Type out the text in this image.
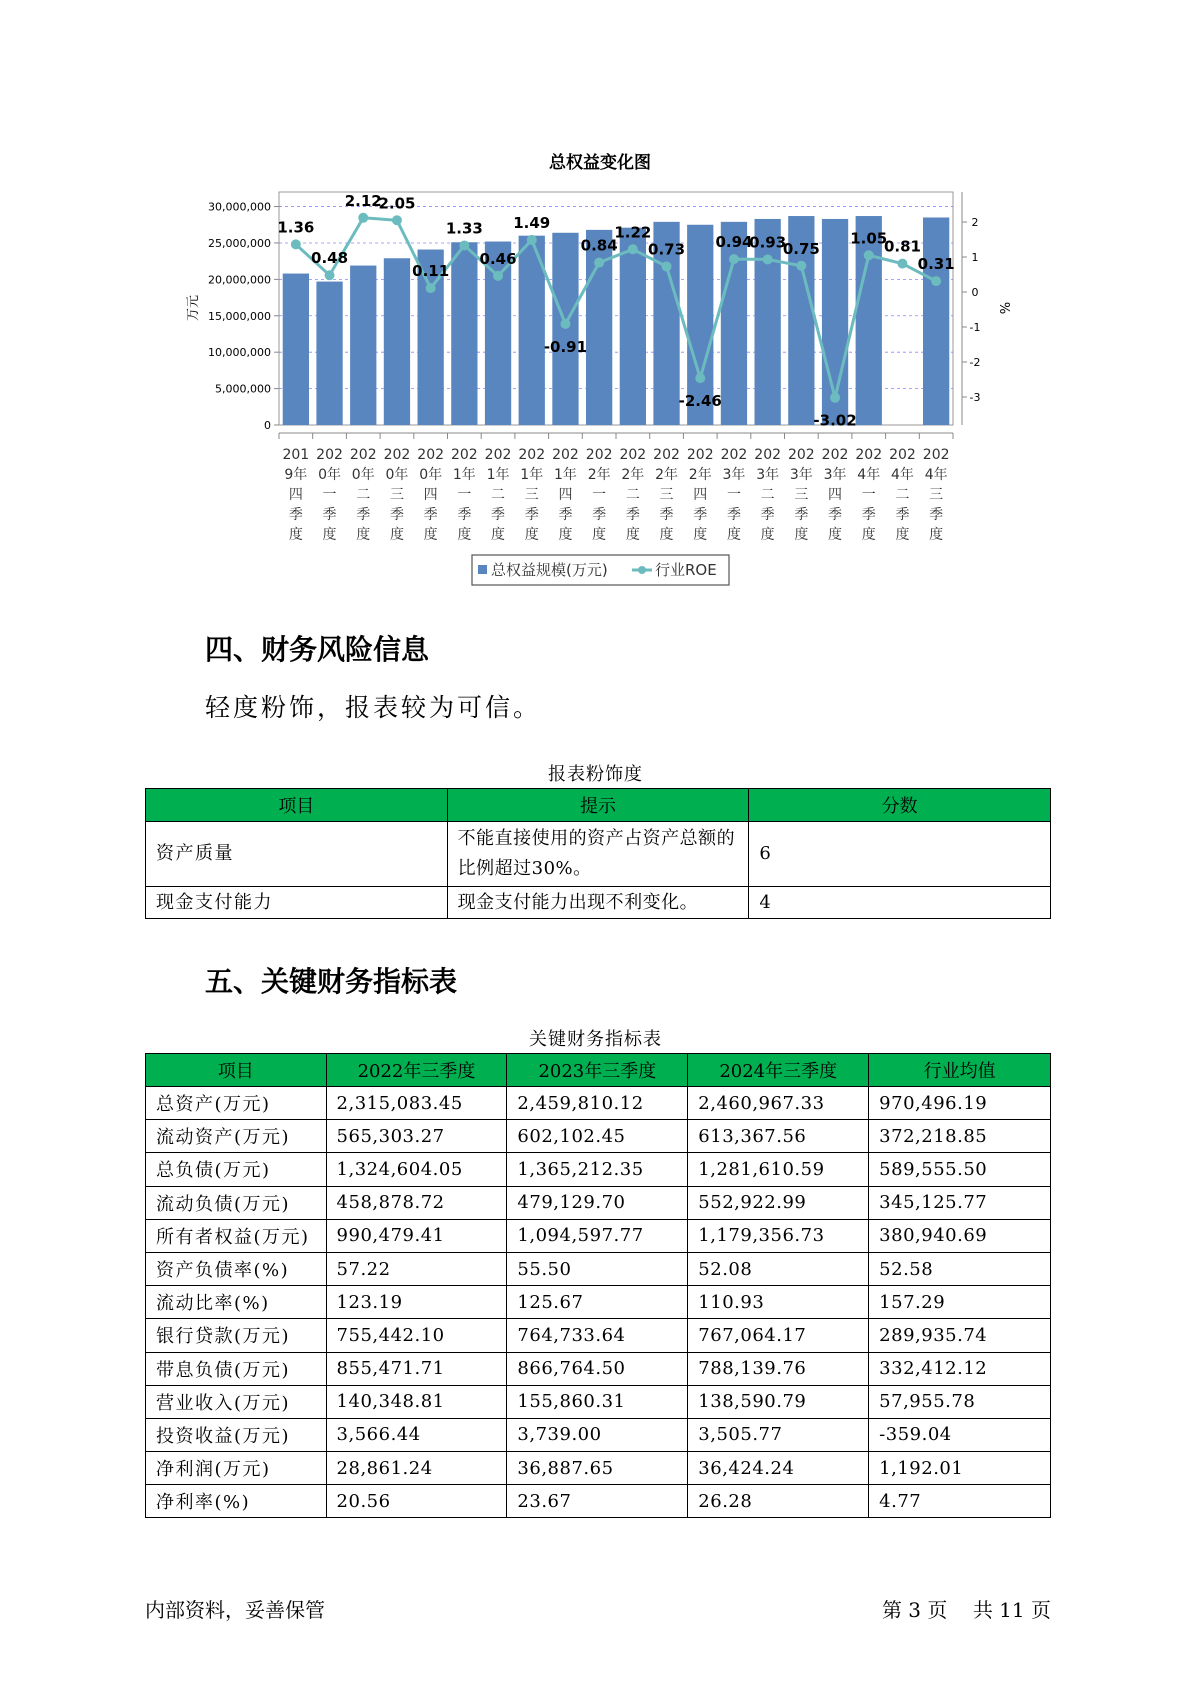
总权益变化图
0
5,000,000
10,000,000
15,000,000
20,000,000
25,000,000
30,000,000
2
1
0
-1
-2
-3
万元	%
1.36
0.48
2.12
2.05
0.11
1.33
0.46
1.49
-0.91
0.84
1.22
0.73
-2.46
0.94
0.93
0.75
-3.02
1.05
0.81
0.31
201 9年四季度
202 0年一季度
202 0年二季度
202 0年三季度
202 0年四季度
202 1年一季度
202 1年二季度
202 1年三季度
202 1年四季度
202 2年一季度
202 2年二季度
202 2年三季度
202 2年四季度
202 3年一季度
202 3年二季度
202 3年三季度
202 3年四季度
202 4年一季度
202 4年二季度
202 4年三季度
总权益规模(万元)	行业ROE
四、财务风险信息
轻度粉饰，报表较为可信。
报表粉饰度
项目	提示	分数
资产质量	不能直接使用的资产占资产总额的比例超过30%。	6
现金支付能力	现金支付能力出现不利变化。	4
五、关键财务指标表
关键财务指标表
项目	2022年三季度	2023年三季度	2024年三季度	行业均值
总资产(万元)	2,315,083.45	2,459,810.12	2,460,967.33	970,496.19
流动资产(万元)	565,303.27	602,102.45	613,367.56	372,218.85
总负债(万元)	1,324,604.05	1,365,212.35	1,281,610.59	589,555.50
流动负债(万元)	458,878.72	479,129.70	552,922.99	345,125.77
所有者权益(万元)	990,479.41	1,094,597.77	1,179,356.73	380,940.69
资产负债率(%)	57.22	55.50	52.08	52.58
流动比率(%)	123.19	125.67	110.93	157.29
银行贷款(万元)	755,442.10	764,733.64	767,064.17	289,935.74
带息负债(万元)	855,471.71	866,764.50	788,139.76	332,412.12
营业收入(万元)	140,348.81	155,860.31	138,590.79	57,955.78
投资收益(万元)	3,566.44	3,739.00	3,505.77	-359.04
净利润(万元)	28,861.24	36,887.65	36,424.24	1,192.01
净利率(%)	20.56	23.67	26.28	4.77
内部资料，妥善保管	第 3 页    共 11 页
